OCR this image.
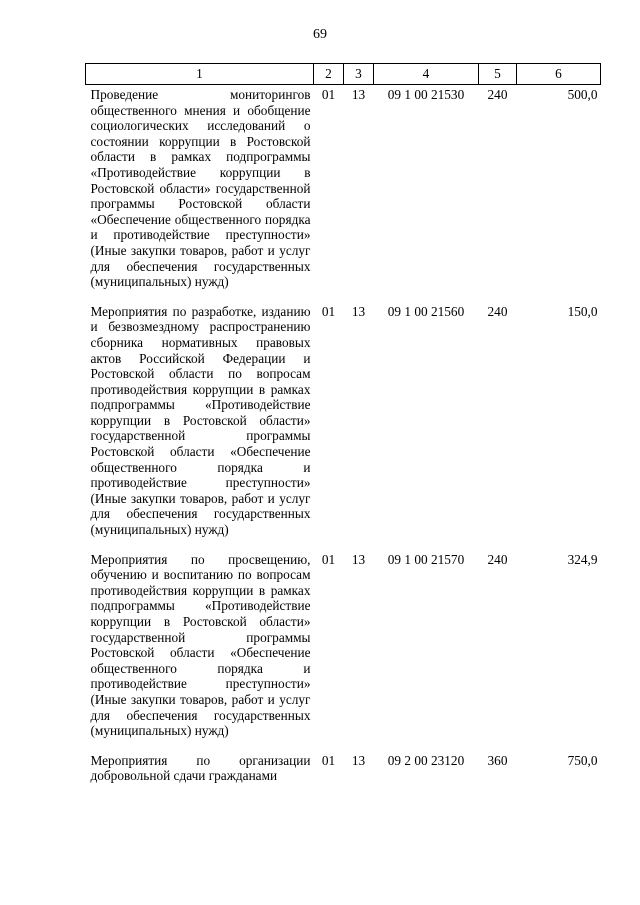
69
1	2	3	4	5	6
Проведение мониторингов общественного мнения и обобщение социологических исследований о состоянии коррупции в Ростовской области в рамках подпрограммы «Противодействие коррупции в Ростовской области» государственной программы Ростовской области «Обеспечение общественного порядка и противодействие преступности» (Иные закупки товаров, работ и услуг для обеспечения государственных (муниципальных) нужд)	01	13	09 1 00 21530	240	500,0
Мероприятия по разработке, изданию и безвозмездному распространению сборника нормативных правовых актов Российской Федерации и Ростовской области по вопросам противодействия коррупции в рамках подпрограммы «Противодействие коррупции в Ростовской области» государственной программы Ростовской области «Обеспечение общественного порядка и противодействие преступности» (Иные закупки товаров, работ и услуг для обеспечения государственных (муниципальных) нужд)	01	13	09 1 00 21560	240	150,0
Мероприятия по просвещению, обучению и воспитанию по вопросам противодействия коррупции в рамках подпрограммы «Противодействие коррупции в Ростовской области» государственной программы Ростовской области «Обеспечение общественного порядка и противодействие преступности» (Иные закупки товаров, работ и услуг для обеспечения государственных (муниципальных) нужд)	01	13	09 1 00 21570	240	324,9
Мероприятия по организации добровольной сдачи гражданами	01	13	09 2 00 23120	360	750,0
